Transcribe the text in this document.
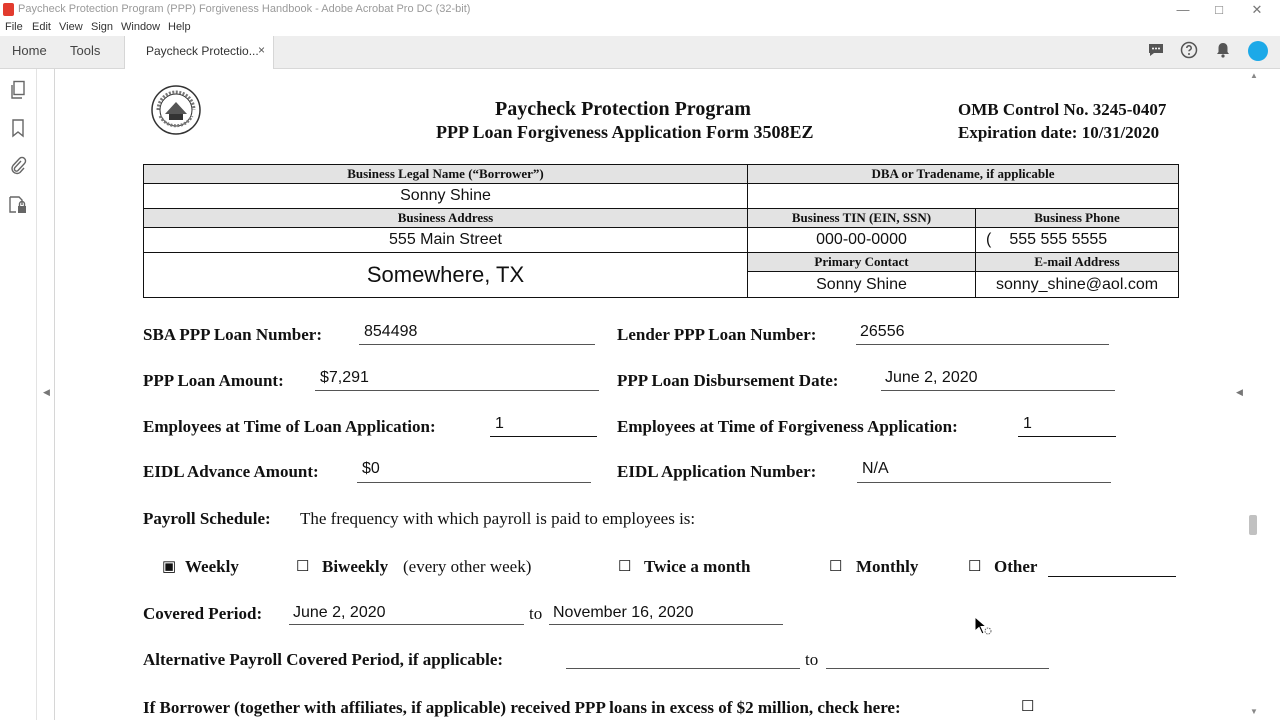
Paycheck Protection Program (PPP) Forgiveness Handbook - Adobe Acrobat Pro DC (32-bit)	—	□	✕
File Edit View Sign Window Help
Home Tools	Paycheck Protectio... ×
◀	◀
▲
▼
Paycheck Protection Program
PPP Loan Forgiveness Application Form 3508EZ
OMB Control No. 3245-0407
Expiration date: 10/31/2020
Business Legal Name (“Borrower”)	DBA or Tradename, if applicable	
Sonny Shine		
Business Address	Business TIN (EIN, SSN)	Business Phone
555 Main Street	000-00-0000	( 555 555 5555
Somewhere, TX	Primary Contact	E-mail Address
	Sonny Shine	sonny_shine@aol.com
SBA PPP Loan Number:	854498	Lender PPP Loan Number:	26556
PPP Loan Amount: $7,291	PPP Loan Disbursement Date:	June 2, 2020
Employees at Time of Loan Application:	1	Employees at Time of Forgiveness Application:	1
EIDL Advance Amount:	$0	EIDL Application Number:	N/A
Payroll Schedule: The frequency with which payroll is paid to employees is:
▣ Weekly	☐ Biweekly (every other week)	☐ Twice a month	☐ Monthly	☐ Other
Covered Period: June 2, 2020	to November 16, 2020
Alternative Payroll Covered Period, if applicable:	to
If Borrower (together with affiliates, if applicable) received PPP loans in excess of $2 million, check here:	☐
